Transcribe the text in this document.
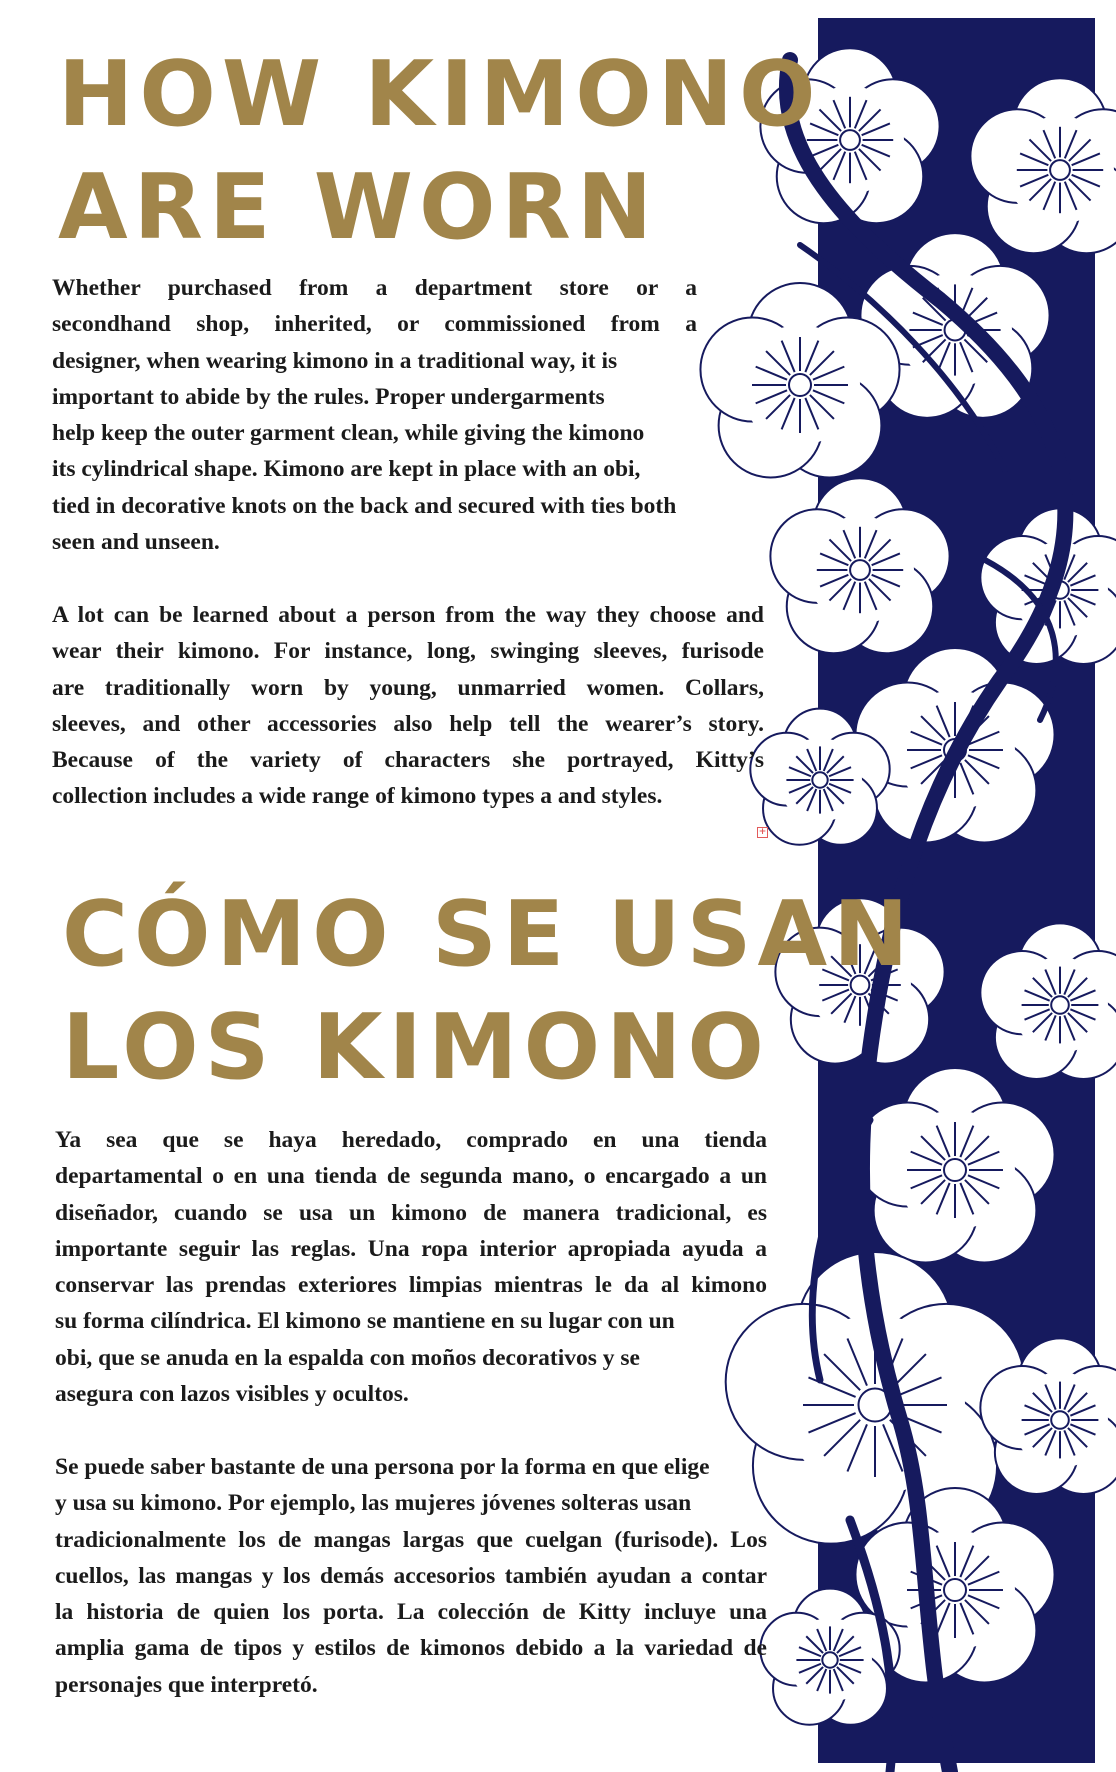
HOW KIMONO
ARE WORN
Whether purchased from a department store or a
secondhand shop, inherited, or commissioned from a
designer, when wearing kimono in a traditional way, it is
important to abide by the rules. Proper undergarments
help keep the outer garment clean, while giving the kimono
its cylindrical shape. Kimono are kept in place with an obi,
tied in decorative knots on the back and secured with ties both
seen and unseen.
A lot can be learned about a person from the way they choose and
wear their kimono. For instance, long, swinging sleeves, furisode
are traditionally worn by young, unmarried women. Collars,
sleeves, and other accessories also help tell the wearer’s story.
Because of the variety of characters she portrayed, Kitty’s
collection includes a wide range of kimono types a and styles.
+
CÓMO SE USAN
LOS KIMONO
Ya sea que se haya heredado, comprado en una tienda
departamental o en una tienda de segunda mano, o encargado a un
diseñador, cuando se usa un kimono de manera tradicional, es
importante seguir las reglas. Una ropa interior apropiada ayuda a
conservar las prendas exteriores limpias mientras le da al kimono
su forma cilíndrica. El kimono se mantiene en su lugar con un
obi, que se anuda en la espalda con moños decorativos y se
asegura con lazos visibles y ocultos.
Se puede saber bastante de una persona por la forma en que elige
y usa su kimono. Por ejemplo, las mujeres jóvenes solteras usan
tradicionalmente los de mangas largas que cuelgan (furisode). Los
cuellos, las mangas y los demás accesorios también ayudan a contar
la historia de quien los porta. La colección de Kitty incluye una
amplia gama de tipos y estilos de kimonos debido a la variedad de
personajes que interpretó.
